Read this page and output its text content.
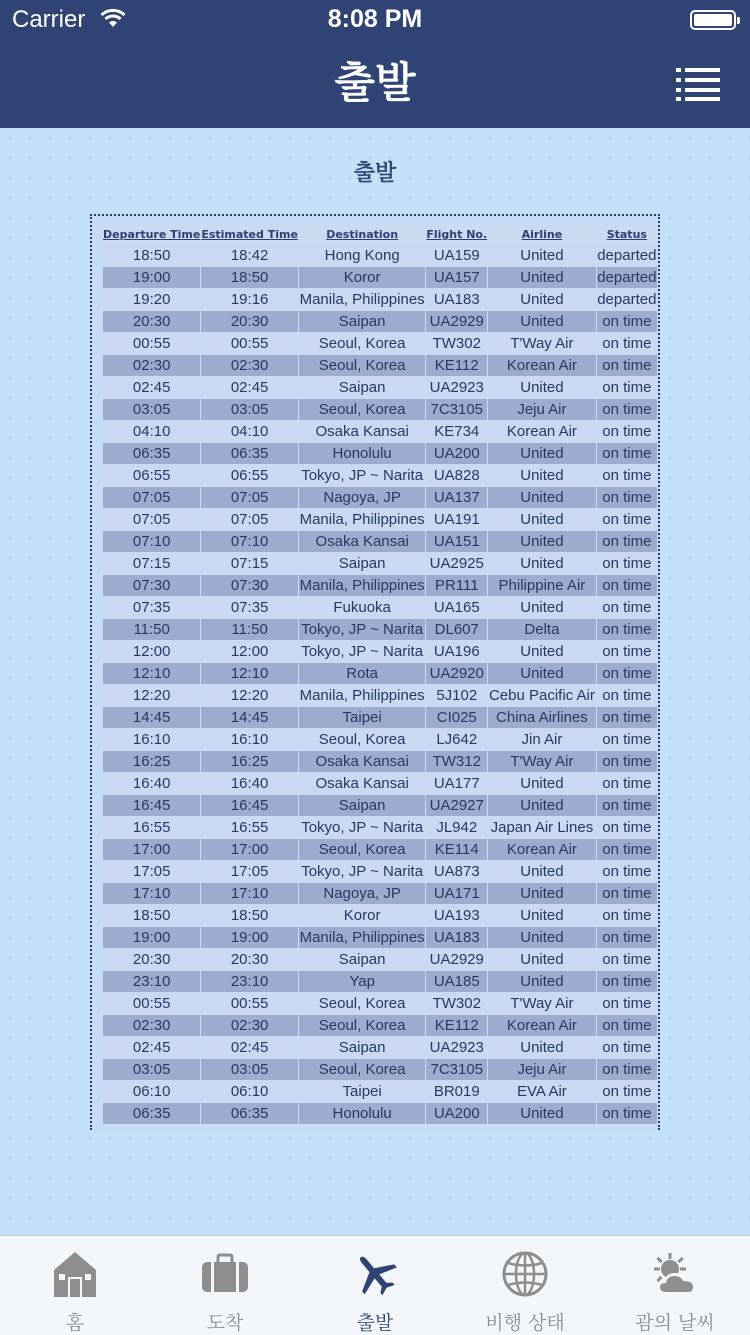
Carrier	8:08 PM
출발
출발
Departure Time	Estimated Time	Destination	Flight No.	Airline	Status
18:50	18:42	Hong Kong	UA159	United	departed
19:00	18:50	Koror	UA157	United	departed
19:20	19:16	Manila, Philippines	UA183	United	departed
20:30	20:30	Saipan	UA2929	United	on time
00:55	00:55	Seoul, Korea	TW302	T'Way Air	on time
02:30	02:30	Seoul, Korea	KE112	Korean Air	on time
02:45	02:45	Saipan	UA2923	United	on time
03:05	03:05	Seoul, Korea	7C3105	Jeju Air	on time
04:10	04:10	Osaka Kansai	KE734	Korean Air	on time
06:35	06:35	Honolulu	UA200	United	on time
06:55	06:55	Tokyo, JP ~ Narita	UA828	United	on time
07:05	07:05	Nagoya, JP	UA137	United	on time
07:05	07:05	Manila, Philippines	UA191	United	on time
07:10	07:10	Osaka Kansai	UA151	United	on time
07:15	07:15	Saipan	UA2925	United	on time
07:30	07:30	Manila, Philippines	PR111	Philippine Air	on time
07:35	07:35	Fukuoka	UA165	United	on time
11:50	11:50	Tokyo, JP ~ Narita	DL607	Delta	on time
12:00	12:00	Tokyo, JP ~ Narita	UA196	United	on time
12:10	12:10	Rota	UA2920	United	on time
12:20	12:20	Manila, Philippines	5J102	Cebu Pacific Air	on time
14:45	14:45	Taipei	CI025	China Airlines	on time
16:10	16:10	Seoul, Korea	LJ642	Jin Air	on time
16:25	16:25	Osaka Kansai	TW312	T'Way Air	on time
16:40	16:40	Osaka Kansai	UA177	United	on time
16:45	16:45	Saipan	UA2927	United	on time
16:55	16:55	Tokyo, JP ~ Narita	JL942	Japan Air Lines	on time
17:00	17:00	Seoul, Korea	KE114	Korean Air	on time
17:05	17:05	Tokyo, JP ~ Narita	UA873	United	on time
17:10	17:10	Nagoya, JP	UA171	United	on time
18:50	18:50	Koror	UA193	United	on time
19:00	19:00	Manila, Philippines	UA183	United	on time
20:30	20:30	Saipan	UA2929	United	on time
23:10	23:10	Yap	UA185	United	on time
00:55	00:55	Seoul, Korea	TW302	T'Way Air	on time
02:30	02:30	Seoul, Korea	KE112	Korean Air	on time
02:45	02:45	Saipan	UA2923	United	on time
03:05	03:05	Seoul, Korea	7C3105	Jeju Air	on time
06:10	06:10	Taipei	BR019	EVA Air	on time
06:35	06:35	Honolulu	UA200	United	on time
홈	도착	출발	비행 상태	괌의 날씨
